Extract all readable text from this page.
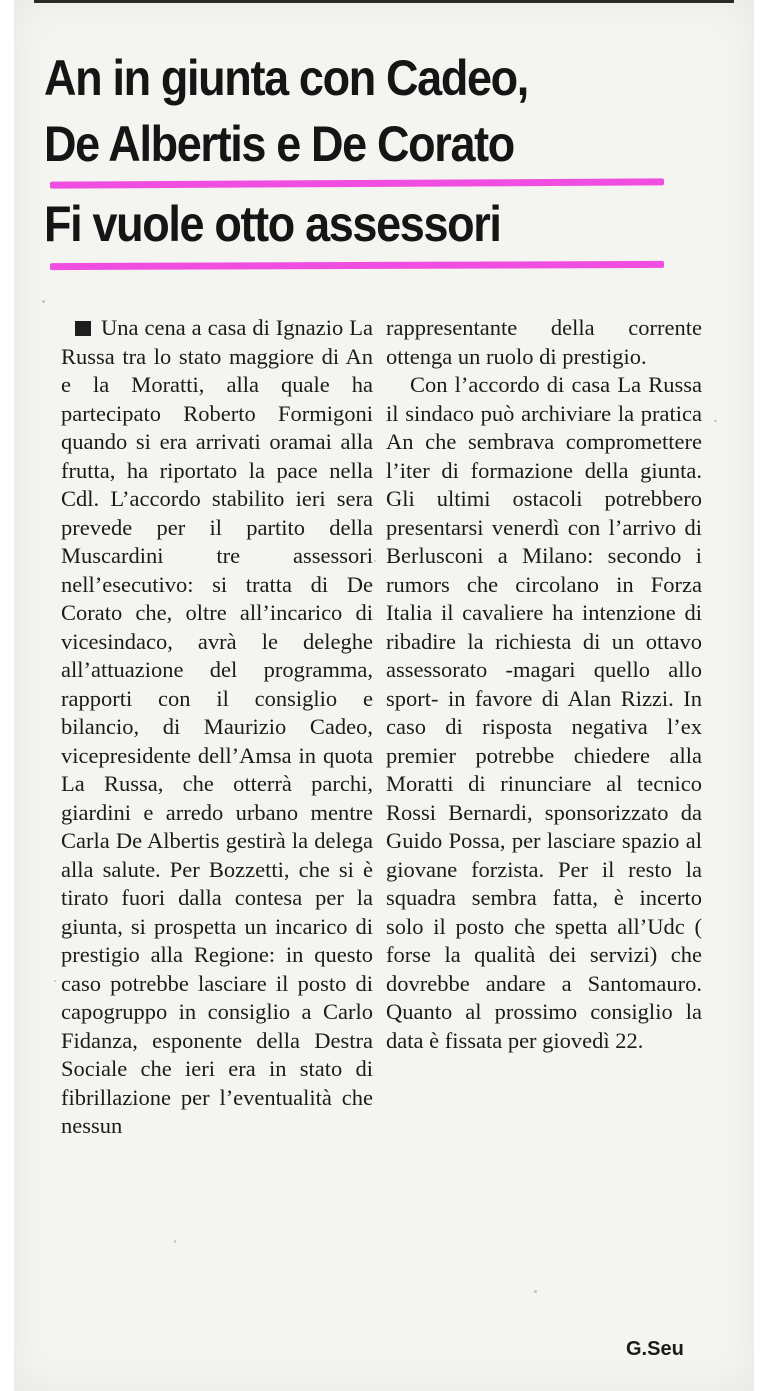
An in giunta con Cadeo,
De Albertis e De Corato
Fi vuole otto assessori

Una cena a casa di Ignazio La Russa tra lo stato maggiore di An e la Moratti, alla quale ha partecipato Roberto Formigoni quando si era arrivati oramai alla frutta, ha riportato la pace nella Cdl. L’accordo stabilito ieri sera prevede per il partito della Muscardini tre assessori nell’esecutivo: si tratta di De Corato che, oltre all’incarico di vicesindaco, avrà le deleghe all’attuazione del programma, rapporti con il consiglio e bilancio, di Maurizio Cadeo, vicepresidente dell’Amsa in quota La Russa, che otterrà parchi, giardini e arredo urbano mentre Carla De Albertis gestirà la delega alla salute. Per Bozzetti, che si è tirato fuori dalla contesa per la giunta, si prospetta un incarico di prestigio alla Regione: in questo caso potrebbe lasciare il posto di capogruppo in consiglio a Carlo Fidanza, esponente della Destra Sociale che ieri era in stato di fibrillazione per l’eventualità che nessun

rappresentante della corrente ottenga un ruolo di prestigio.

Con l’accordo di casa La Russa il sindaco può archiviare la pratica An che sembrava compromettere l’iter di formazione della giunta. Gli ultimi ostacoli potrebbero presentarsi venerdì con l’arrivo di Berlusconi a Milano: secondo i rumors che circolano in Forza Italia il cavaliere ha intenzione di ribadire la richiesta di un ottavo assessorato -magari quello allo sport- in favore di Alan Rizzi. In caso di risposta negativa l’ex premier potrebbe chiedere alla Moratti di rinunciare al tecnico Rossi Bernardi, sponsorizzato da Guido Possa, per lasciare spazio al giovane forzista. Per il resto la squadra sembra fatta, è incerto solo il posto che spetta all’Udc ( forse la qualità dei servizi) che dovrebbe andare a Santomauro. Quanto al prossimo consiglio la data è fissata per giovedì 22.

G.Seu
